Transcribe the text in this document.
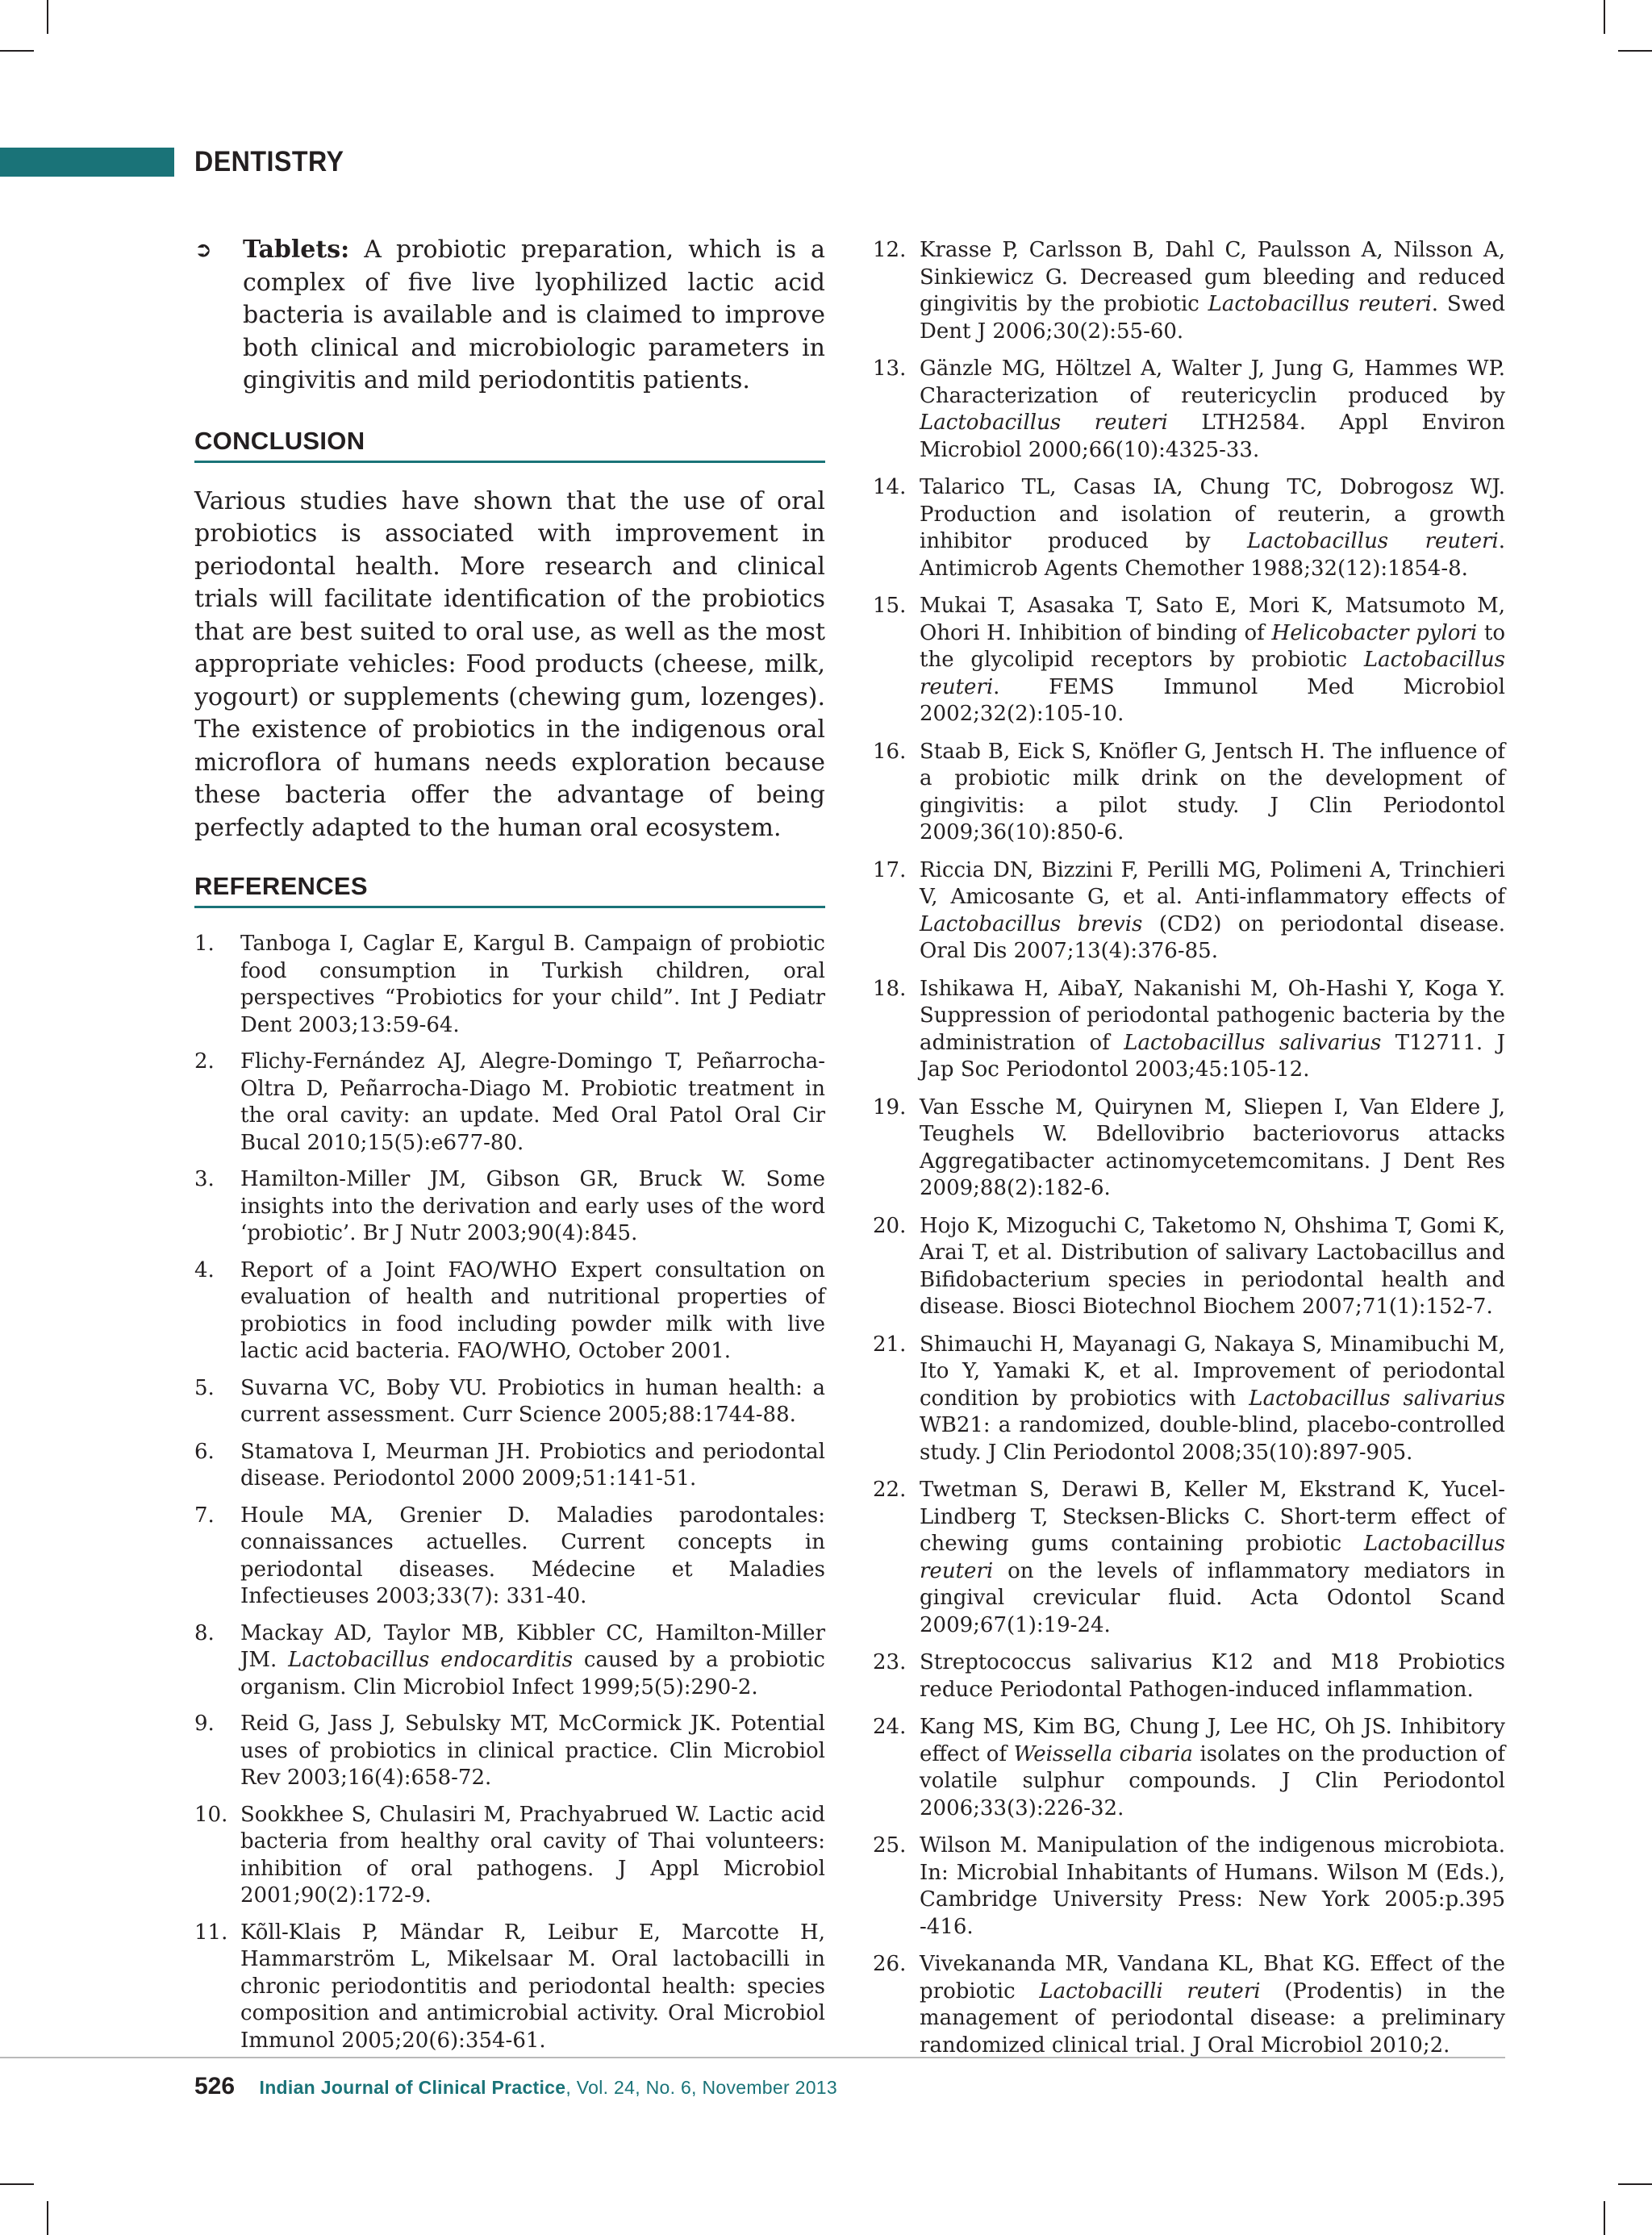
DENTISTRY
➲ Tablets: A probiotic preparation, which is a complex of five live lyophilized lactic acid bacteria is available and is claimed to improve both clinical and microbiologic parameters in gingivitis and mild periodontitis patients.
CONCLUSION

Various studies have shown that the use of oral probiotics is associated with improvement in periodontal health. More research and clinical trials will facilitate identification of the probiotics that are best suited to oral use, as well as the most appropriate vehicles: Food products (cheese, milk, yogourt) or supplements (chewing gum, lozenges). The existence of probiotics in the indigenous oral microflora of humans needs exploration because these bacteria offer the advantage of being perfectly adapted to the human oral ecosystem.

REFERENCES
1. Tanboga I, Caglar E, Kargul B. Campaign of probiotic food consumption in Turkish children, oral perspectives “Probiotics for your child”. Int J Pediatr Dent 2003;13:59-64.
2. Flichy-Fernández AJ, Alegre-Domingo T, Peñarrocha-Oltra D, Peñarrocha-Diago M. Probiotic treatment in the oral cavity: an update. Med Oral Patol Oral Cir Bucal 2010;15(5):e677-80.
3. Hamilton-Miller JM, Gibson GR, Bruck W. Some insights into the derivation and early uses of the word ‘probiotic’. Br J Nutr 2003;90(4):845.
4. Report of a Joint FAO/WHO Expert consultation on evaluation of health and nutritional properties of probiotics in food including powder milk with live lactic acid bacteria. FAO/WHO, October 2001.
5. Suvarna VC, Boby VU. Probiotics in human health: a current assessment. Curr Science 2005;88:1744-88.
6. Stamatova I, Meurman JH. Probiotics and periodontal disease. Periodontol 2000 2009;51:141-51.
7. Houle MA, Grenier D. Maladies parodontales: connaissances actuelles. Current concepts in periodontal diseases. Médecine et Maladies Infectieuses 2003;33(7): 331-40.
8. Mackay AD, Taylor MB, Kibbler CC, Hamilton-Miller JM. Lactobacillus endocarditis caused by a probiotic organism. Clin Microbiol Infect 1999;5(5):290-2.
9. Reid G, Jass J, Sebulsky MT, McCormick JK. Potential uses of probiotics in clinical practice. Clin Microbiol Rev 2003;16(4):658-72.
10. Sookkhee S, Chulasiri M, Prachyabrued W. Lactic acid bacteria from healthy oral cavity of Thai volunteers: inhibition of oral pathogens. J Appl Microbiol 2001;90(2):172-9.
11. Kõll-Klais P, Mändar R, Leibur E, Marcotte H, Hammarström L, Mikelsaar M. Oral lactobacilli in chronic periodontitis and periodontal health: species composition and antimicrobial activity. Oral Microbiol Immunol 2005;20(6):354-61.
12. Krasse P, Carlsson B, Dahl C, Paulsson A, Nilsson A, Sinkiewicz G. Decreased gum bleeding and reduced gingivitis by the probiotic Lactobacillus reuteri. Swed Dent J 2006;30(2):55-60.
13. Gänzle MG, Höltzel A, Walter J, Jung G, Hammes WP. Characterization of reutericyclin produced by Lactobacillus reuteri LTH2584. Appl Environ Microbiol 2000;66(10):4325-33.
14. Talarico TL, Casas IA, Chung TC, Dobrogosz WJ. Production and isolation of reuterin, a growth inhibitor produced by Lactobacillus reuteri. Antimicrob Agents Chemother 1988;32(12):1854-8.
15. Mukai T, Asasaka T, Sato E, Mori K, Matsumoto M, Ohori H. Inhibition of binding of Helicobacter pylori to the glycolipid receptors by probiotic Lactobacillus reuteri. FEMS Immunol Med Microbiol 2002;32(2):105-10.
16. Staab B, Eick S, Knöfler G, Jentsch H. The influence of a probiotic milk drink on the development of gingivitis: a pilot study. J Clin Periodontol 2009;36(10):850-6.
17. Riccia DN, Bizzini F, Perilli MG, Polimeni A, Trinchieri V, Amicosante G, et al. Anti-inflammatory effects of Lactobacillus brevis (CD2) on periodontal disease. Oral Dis 2007;13(4):376-85.
18. Ishikawa H, AibaY, Nakanishi M, Oh-Hashi Y, Koga Y. Suppression of periodontal pathogenic bacteria by the administration of Lactobacillus salivarius T12711. J Jap Soc Periodontol 2003;45:105-12.
19. Van Essche M, Quirynen M, Sliepen I, Van Eldere J, Teughels W. Bdellovibrio bacteriovorus attacks Aggregatibacter actinomycetemcomitans. J Dent Res 2009;88(2):182-6.
20. Hojo K, Mizoguchi C, Taketomo N, Ohshima T, Gomi K, Arai T, et al. Distribution of salivary Lactobacillus and Bifidobacterium species in periodontal health and disease. Biosci Biotechnol Biochem 2007;71(1):152-7.
21. Shimauchi H, Mayanagi G, Nakaya S, Minamibuchi M, Ito Y, Yamaki K, et al. Improvement of periodontal condition by probiotics with Lactobacillus salivarius WB21: a randomized, double-blind, placebo-controlled study. J Clin Periodontol 2008;35(10):897-905.
22. Twetman S, Derawi B, Keller M, Ekstrand K, Yucel-Lindberg T, Stecksen-Blicks C. Short-term effect of chewing gums containing probiotic Lactobacillus reuteri on the levels of inflammatory mediators in gingival crevicular fluid. Acta Odontol Scand 2009;67(1):19-24.
23. Streptococcus salivarius K12 and M18 Probiotics reduce Periodontal Pathogen-induced inflammation.
24. Kang MS, Kim BG, Chung J, Lee HC, Oh JS. Inhibitory effect of Weissella cibaria isolates on the production of volatile sulphur compounds. J Clin Periodontol 2006;33(3):226-32.
25. Wilson M. Manipulation of the indigenous microbiota. In: Microbial Inhabitants of Humans. Wilson M (Eds.), Cambridge University Press: New York 2005:p.395 -416.
26. Vivekananda MR, Vandana KL, Bhat KG. Effect of the probiotic Lactobacilli reuteri (Prodentis) in the management of periodontal disease: a preliminary randomized clinical trial. J Oral Microbiol 2010;2.
526 Indian Journal of Clinical Practice, Vol. 24, No. 6, November 2013
